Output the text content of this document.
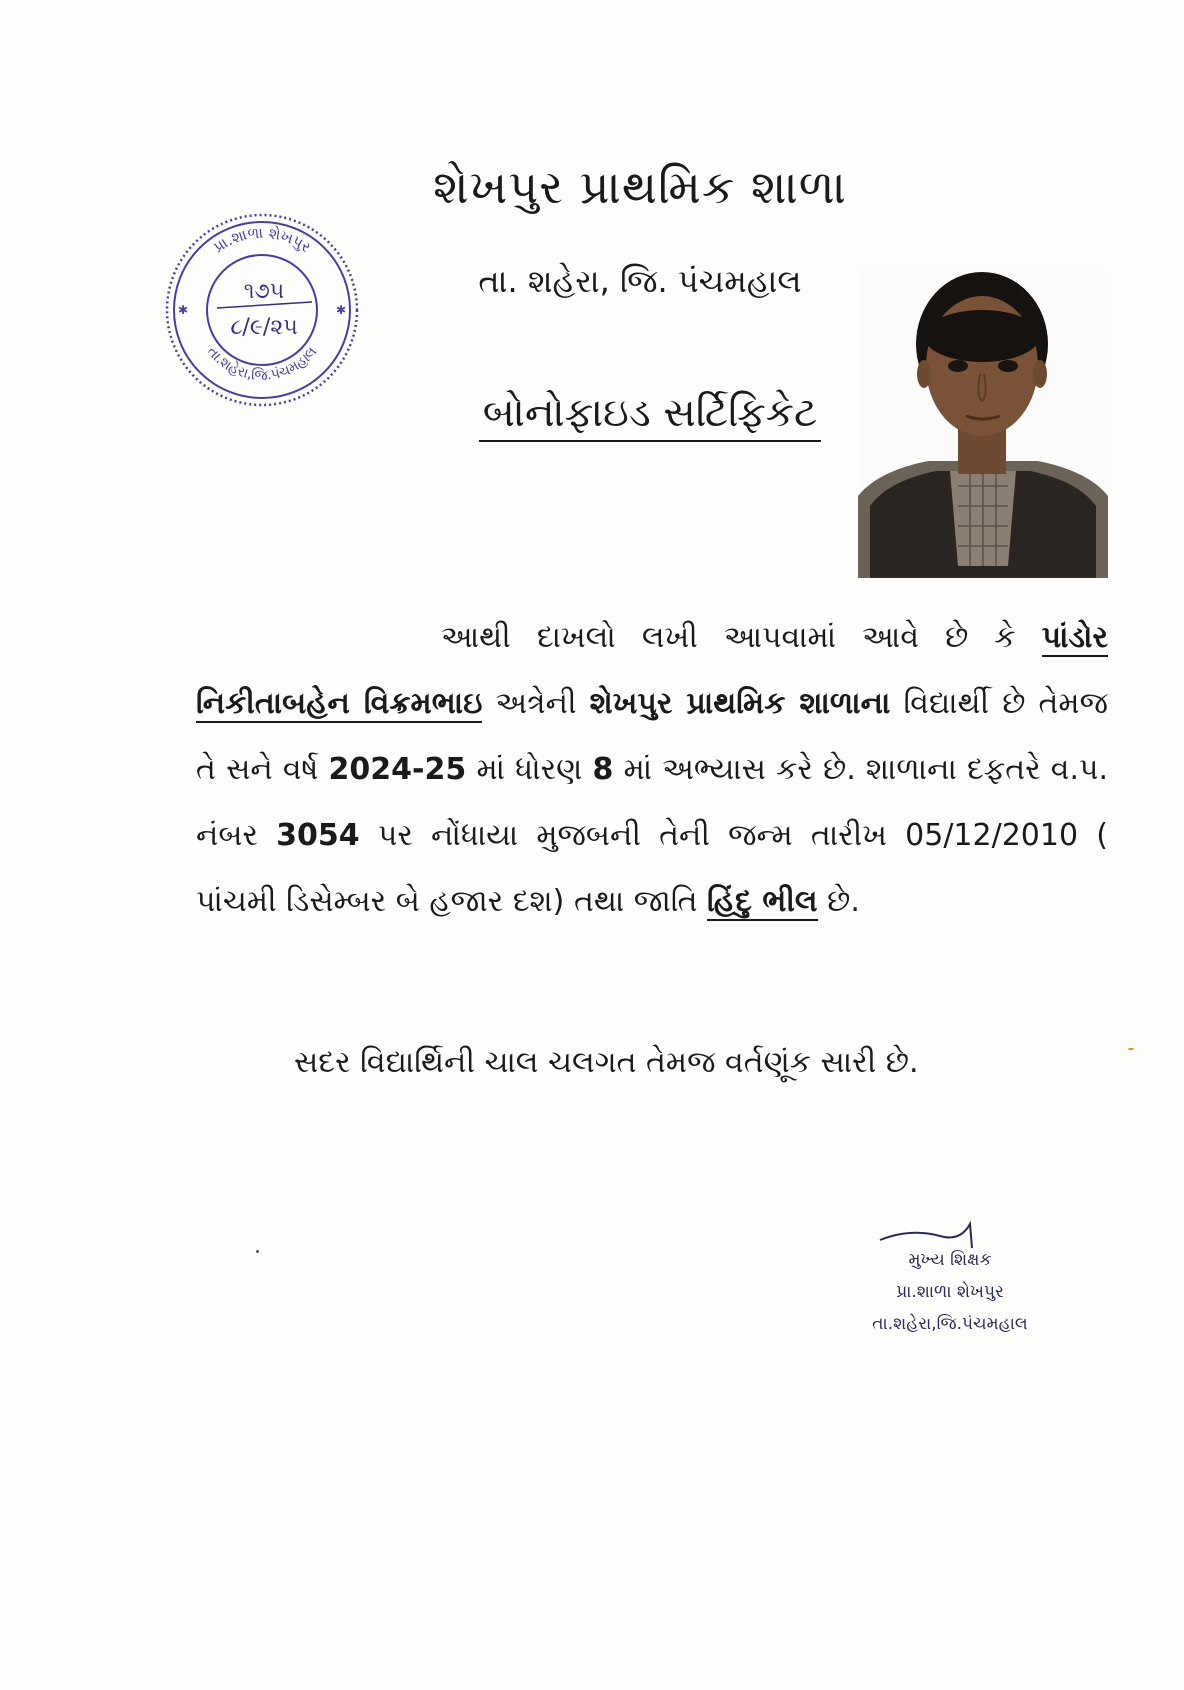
પ્રા.શાળા શેખપુર
તા.શહેરા,જિ.પંચમહાલ
✱	✱
૧૭૫
૮/૯/૨૫
શેખપુર પ્રાથમિક શાળા
તા. શહેરા, જિ. પંચમહાલ
બોનોફાઇડ સર્ટિફિકેટ
આથી દાખલો લખી આપવામાં આવે છે કે પાંડોર નિકીતાબહેન વિક્રમભાઇ અત્રેની શેખપુર પ્રાથમિક શાળાના વિદ્યાર્થી છે તેમજ તે સને વર્ષ 2024-25 માં ધોરણ 8 માં અભ્યાસ કરે છે. શાળાના દફતરે વ.પ. નંબર 3054 પર નોંધાયા મુજબની તેની જન્મ તારીખ 05/12/2010 ( પાંચમી ડિસેમ્બર બે હજાર દશ) તથા જાતિ હિંદુ ભીલ છે.
સદર વિદ્યાર્થિની ચાલ ચલગત તેમજ વર્તણૂંક સારી છે.
મુખ્ય શિક્ષક
પ્રા.શાળા શેખપુર
તા.શહેરા,જિ.પંચમહાલ
